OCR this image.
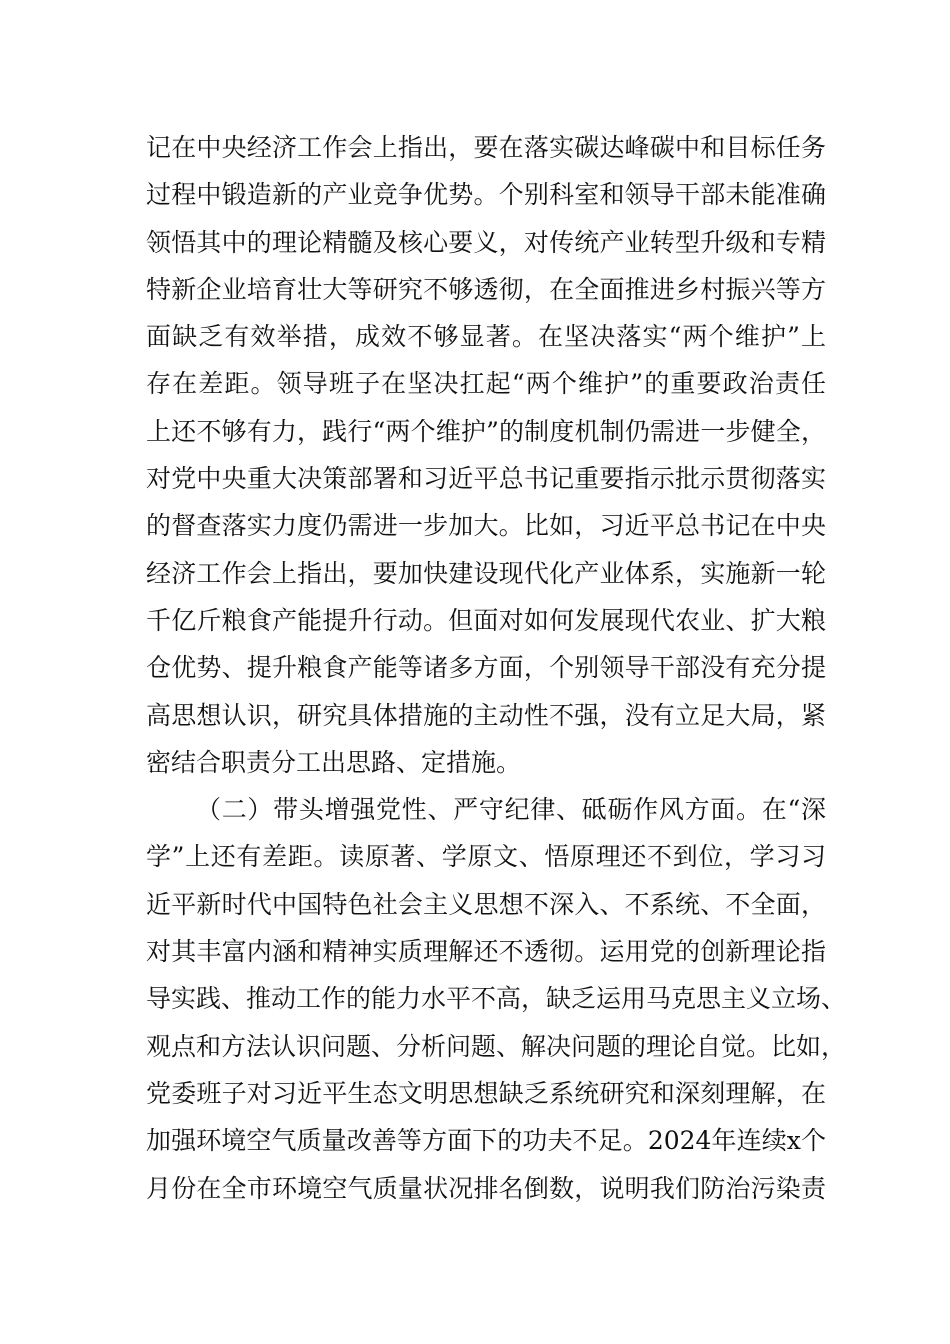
记在中央经济工作会上指出，要在落实碳达峰碳中和目标任务
过程中锻造新的产业竞争优势。个别科室和领导干部未能准确
领悟其中的理论精髓及核心要义，对传统产业转型升级和专精
特新企业培育壮大等研究不够透彻，在全面推进乡村振兴等方
面缺乏有效举措，成效不够显著。在坚决落实“两个维护”上
存在差距。领导班子在坚决扛起“两个维护”的重要政治责任
上还不够有力，践行“两个维护”的制度机制仍需进一步健全，
对党中央重大决策部署和习近平总书记重要指示批示贯彻落实
的督查落实力度仍需进一步加大。比如，习近平总书记在中央
经济工作会上指出，要加快建设现代化产业体系，实施新一轮
千亿斤粮食产能提升行动。但面对如何发展现代农业、扩大粮
仓优势、提升粮食产能等诸多方面，个别领导干部没有充分提
高思想认识，研究具体措施的主动性不强，没有立足大局，紧
密结合职责分工出思路、定措施。
（二）带头增强党性、严守纪律、砥砺作风方面。在“深
学”上还有差距。读原著、学原文、悟原理还不到位，学习习
近平新时代中国特色社会主义思想不深入、不系统、不全面，
对其丰富内涵和精神实质理解还不透彻。运用党的创新理论指
导实践、推动工作的能力水平不高，缺乏运用马克思主义立场、
观点和方法认识问题、分析问题、解决问题的理论自觉。比如，
党委班子对习近平生态文明思想缺乏系统研究和深刻理解，在
加强环境空气质量改善等方面下的功夫不足。2024年连续x个
月份在全市环境空气质量状况排名倒数，说明我们防治污染责
